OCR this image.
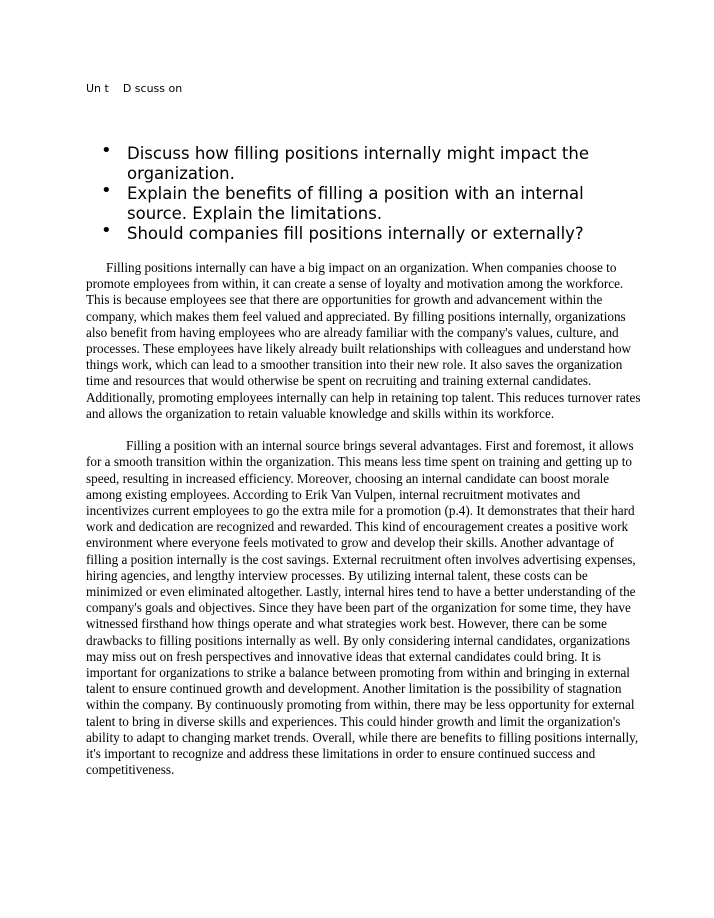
Un t    D scuss on
• Discuss how filling positions internally might impact the organization.
• Explain the benefits of filling a position with an internal source. Explain the limitations.
• Should companies fill positions internally or externally?

Filling positions internally can have a big impact on an organization. When companies choose to promote employees from within, it can create a sense of loyalty and motivation among the workforce. This is because employees see that there are opportunities for growth and advancement within the company, which makes them feel valued and appreciated. By filling positions internally, organizations also benefit from having employees who are already familiar with the company's values, culture, and processes. These employees have likely already built relationships with colleagues and understand how things work, which can lead to a smoother transition into their new role. It also saves the organization time and resources that would otherwise be spent on recruiting and training external candidates. Additionally, promoting employees internally can help in retaining top talent. This reduces turnover rates and allows the organization to retain valuable knowledge and skills within its workforce.

Filling a position with an internal source brings several advantages. First and foremost, it allows for a smooth transition within the organization. This means less time spent on training and getting up to speed, resulting in increased efficiency. Moreover, choosing an internal candidate can boost morale among existing employees. According to Erik Van Vulpen, internal recruitment motivates and incentivizes current employees to go the extra mile for a promotion (p.4). It demonstrates that their hard work and dedication are recognized and rewarded. This kind of encouragement creates a positive work environment where everyone feels motivated to grow and develop their skills. Another advantage of filling a position internally is the cost savings. External recruitment often involves advertising expenses, hiring agencies, and lengthy interview processes. By utilizing internal talent, these costs can be minimized or even eliminated altogether. Lastly, internal hires tend to have a better understanding of the company's goals and objectives. Since they have been part of the organization for some time, they have witnessed firsthand how things operate and what strategies work best. However, there can be some drawbacks to filling positions internally as well. By only considering internal candidates, organizations may miss out on fresh perspectives and innovative ideas that external candidates could bring. It is important for organizations to strike a balance between promoting from within and bringing in external talent to ensure continued growth and development. Another limitation is the possibility of stagnation within the company. By continuously promoting from within, there may be less opportunity for external talent to bring in diverse skills and experiences. This could hinder growth and limit the organization's ability to adapt to changing market trends. Overall, while there are benefits to filling positions internally, it's important to recognize and address these limitations in order to ensure continued success and competitiveness.
